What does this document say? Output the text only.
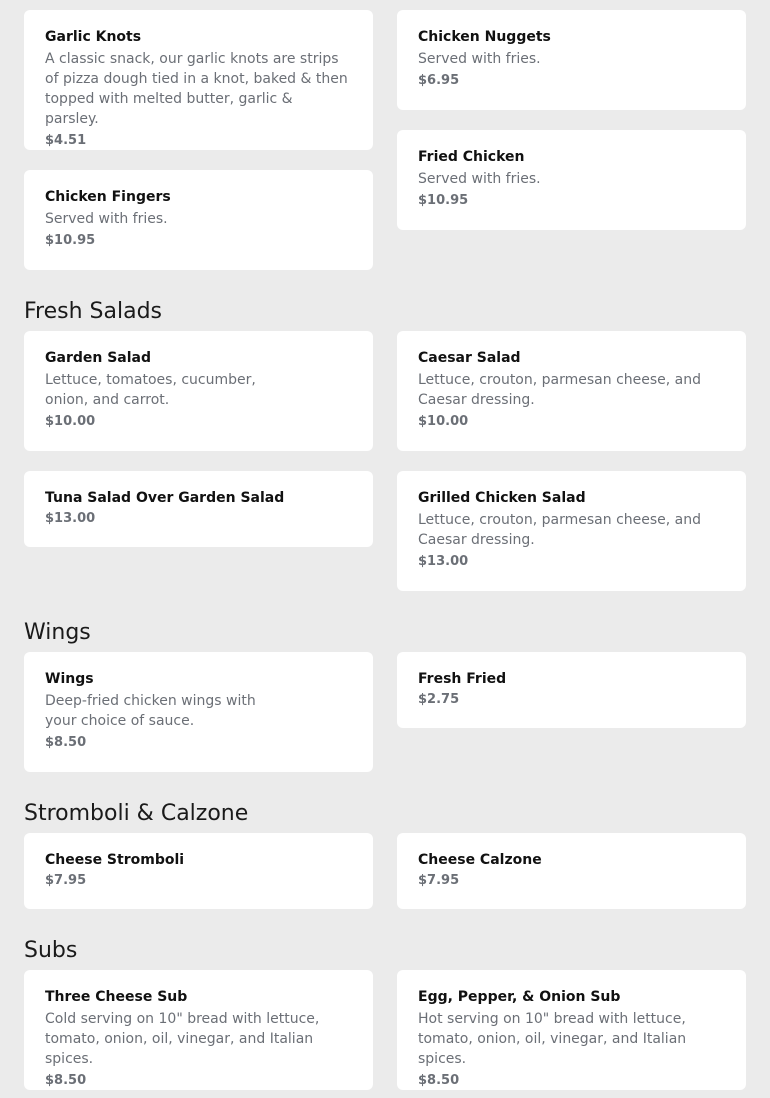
Garlic Knots
A classic snack, our garlic knots are strips of pizza dough tied in a knot, baked & then topped with melted butter, garlic & parsley.
$4.51
Chicken Nuggets
Served with fries.
$6.95
Fried Chicken
Served with fries.
$10.95
Chicken Fingers
Served with fries.
$10.95
Fresh Salads
Garden Salad
Lettuce, tomatoes, cucumber, onion, and carrot.
$10.00
Caesar Salad
Lettuce, crouton, parmesan cheese, and Caesar dressing.
$10.00
Tuna Salad Over Garden Salad
$13.00
Grilled Chicken Salad
Lettuce, crouton, parmesan cheese, and Caesar dressing.
$13.00
Wings
Wings
Deep-fried chicken wings with your choice of sauce.
$8.50
Fresh Fried
$2.75
Stromboli & Calzone
Cheese Stromboli
$7.95
Cheese Calzone
$7.95
Subs
Three Cheese Sub
Cold serving on 10" bread with lettuce, tomato, onion, oil, vinegar, and Italian spices.
$8.50
Egg, Pepper, & Onion Sub
Hot serving on 10" bread with lettuce, tomato, onion, oil, vinegar, and Italian spices.
$8.50
